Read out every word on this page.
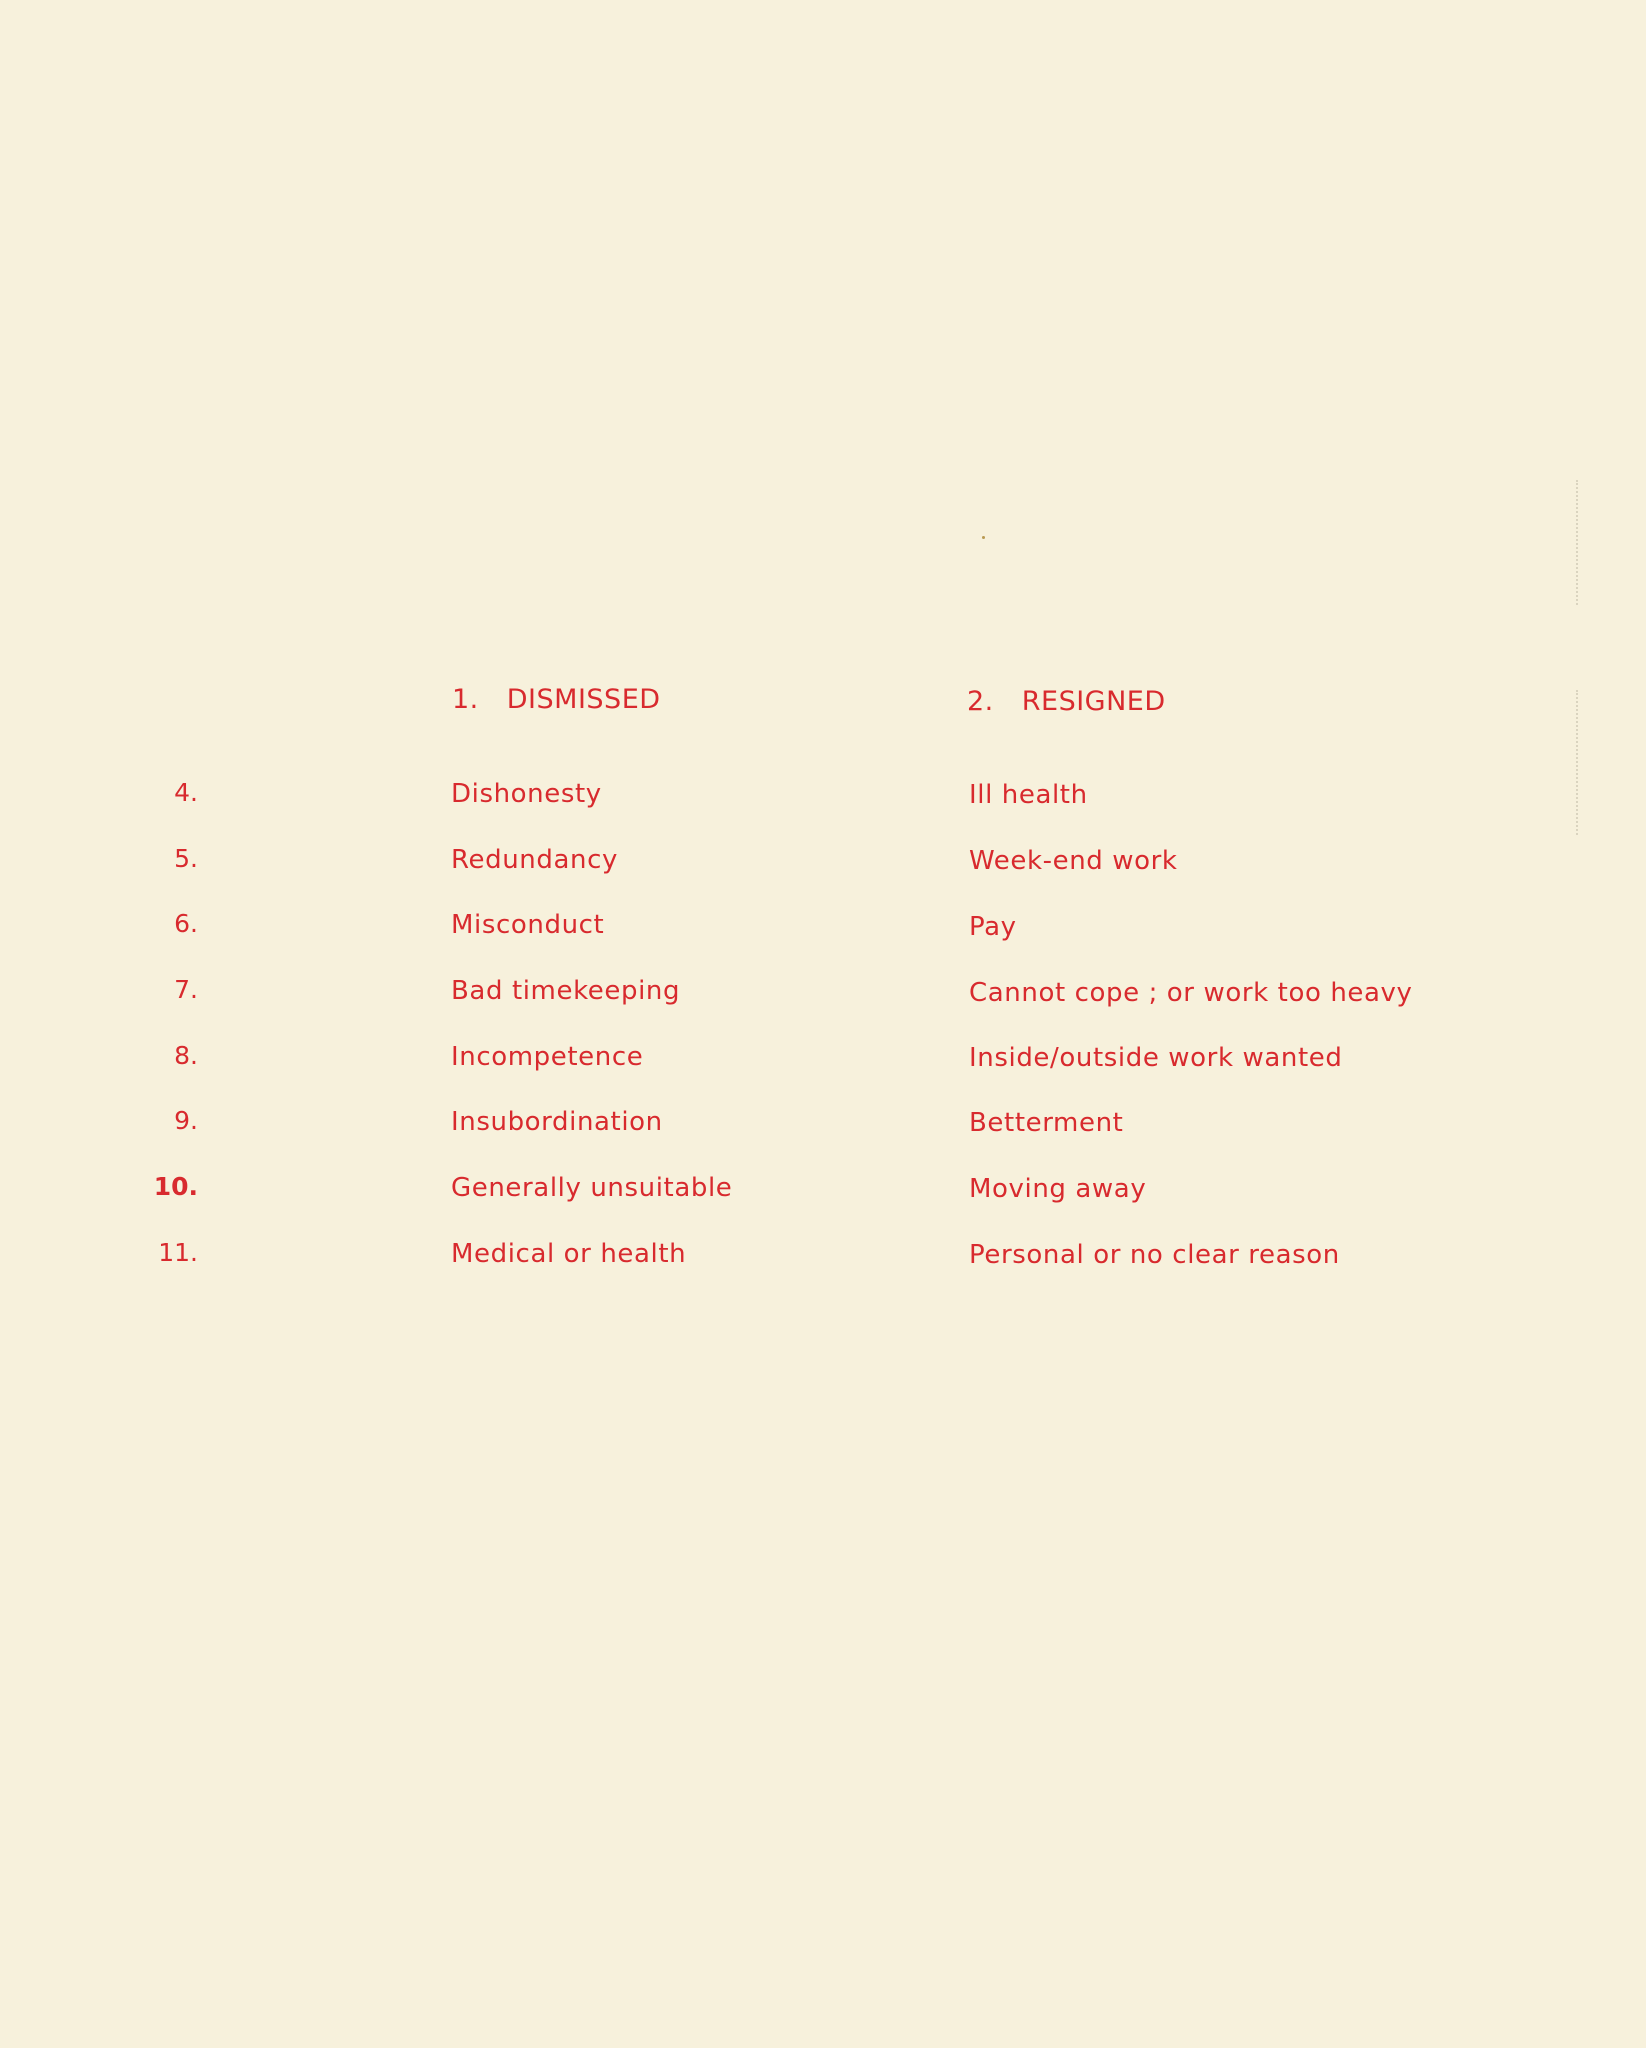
1. DISMISSED	2. RESIGNED
4.	Dishonesty	Ill health
5.	Redundancy	Week-end work
6.	Misconduct	Pay
7.	Bad timekeeping	Cannot cope ; or work too heavy
8.	Incompetence	Inside/outside work wanted
9.	Insubordination	Betterment
10.	Generally unsuitable	Moving away
11.	Medical or health	Personal or no clear reason
